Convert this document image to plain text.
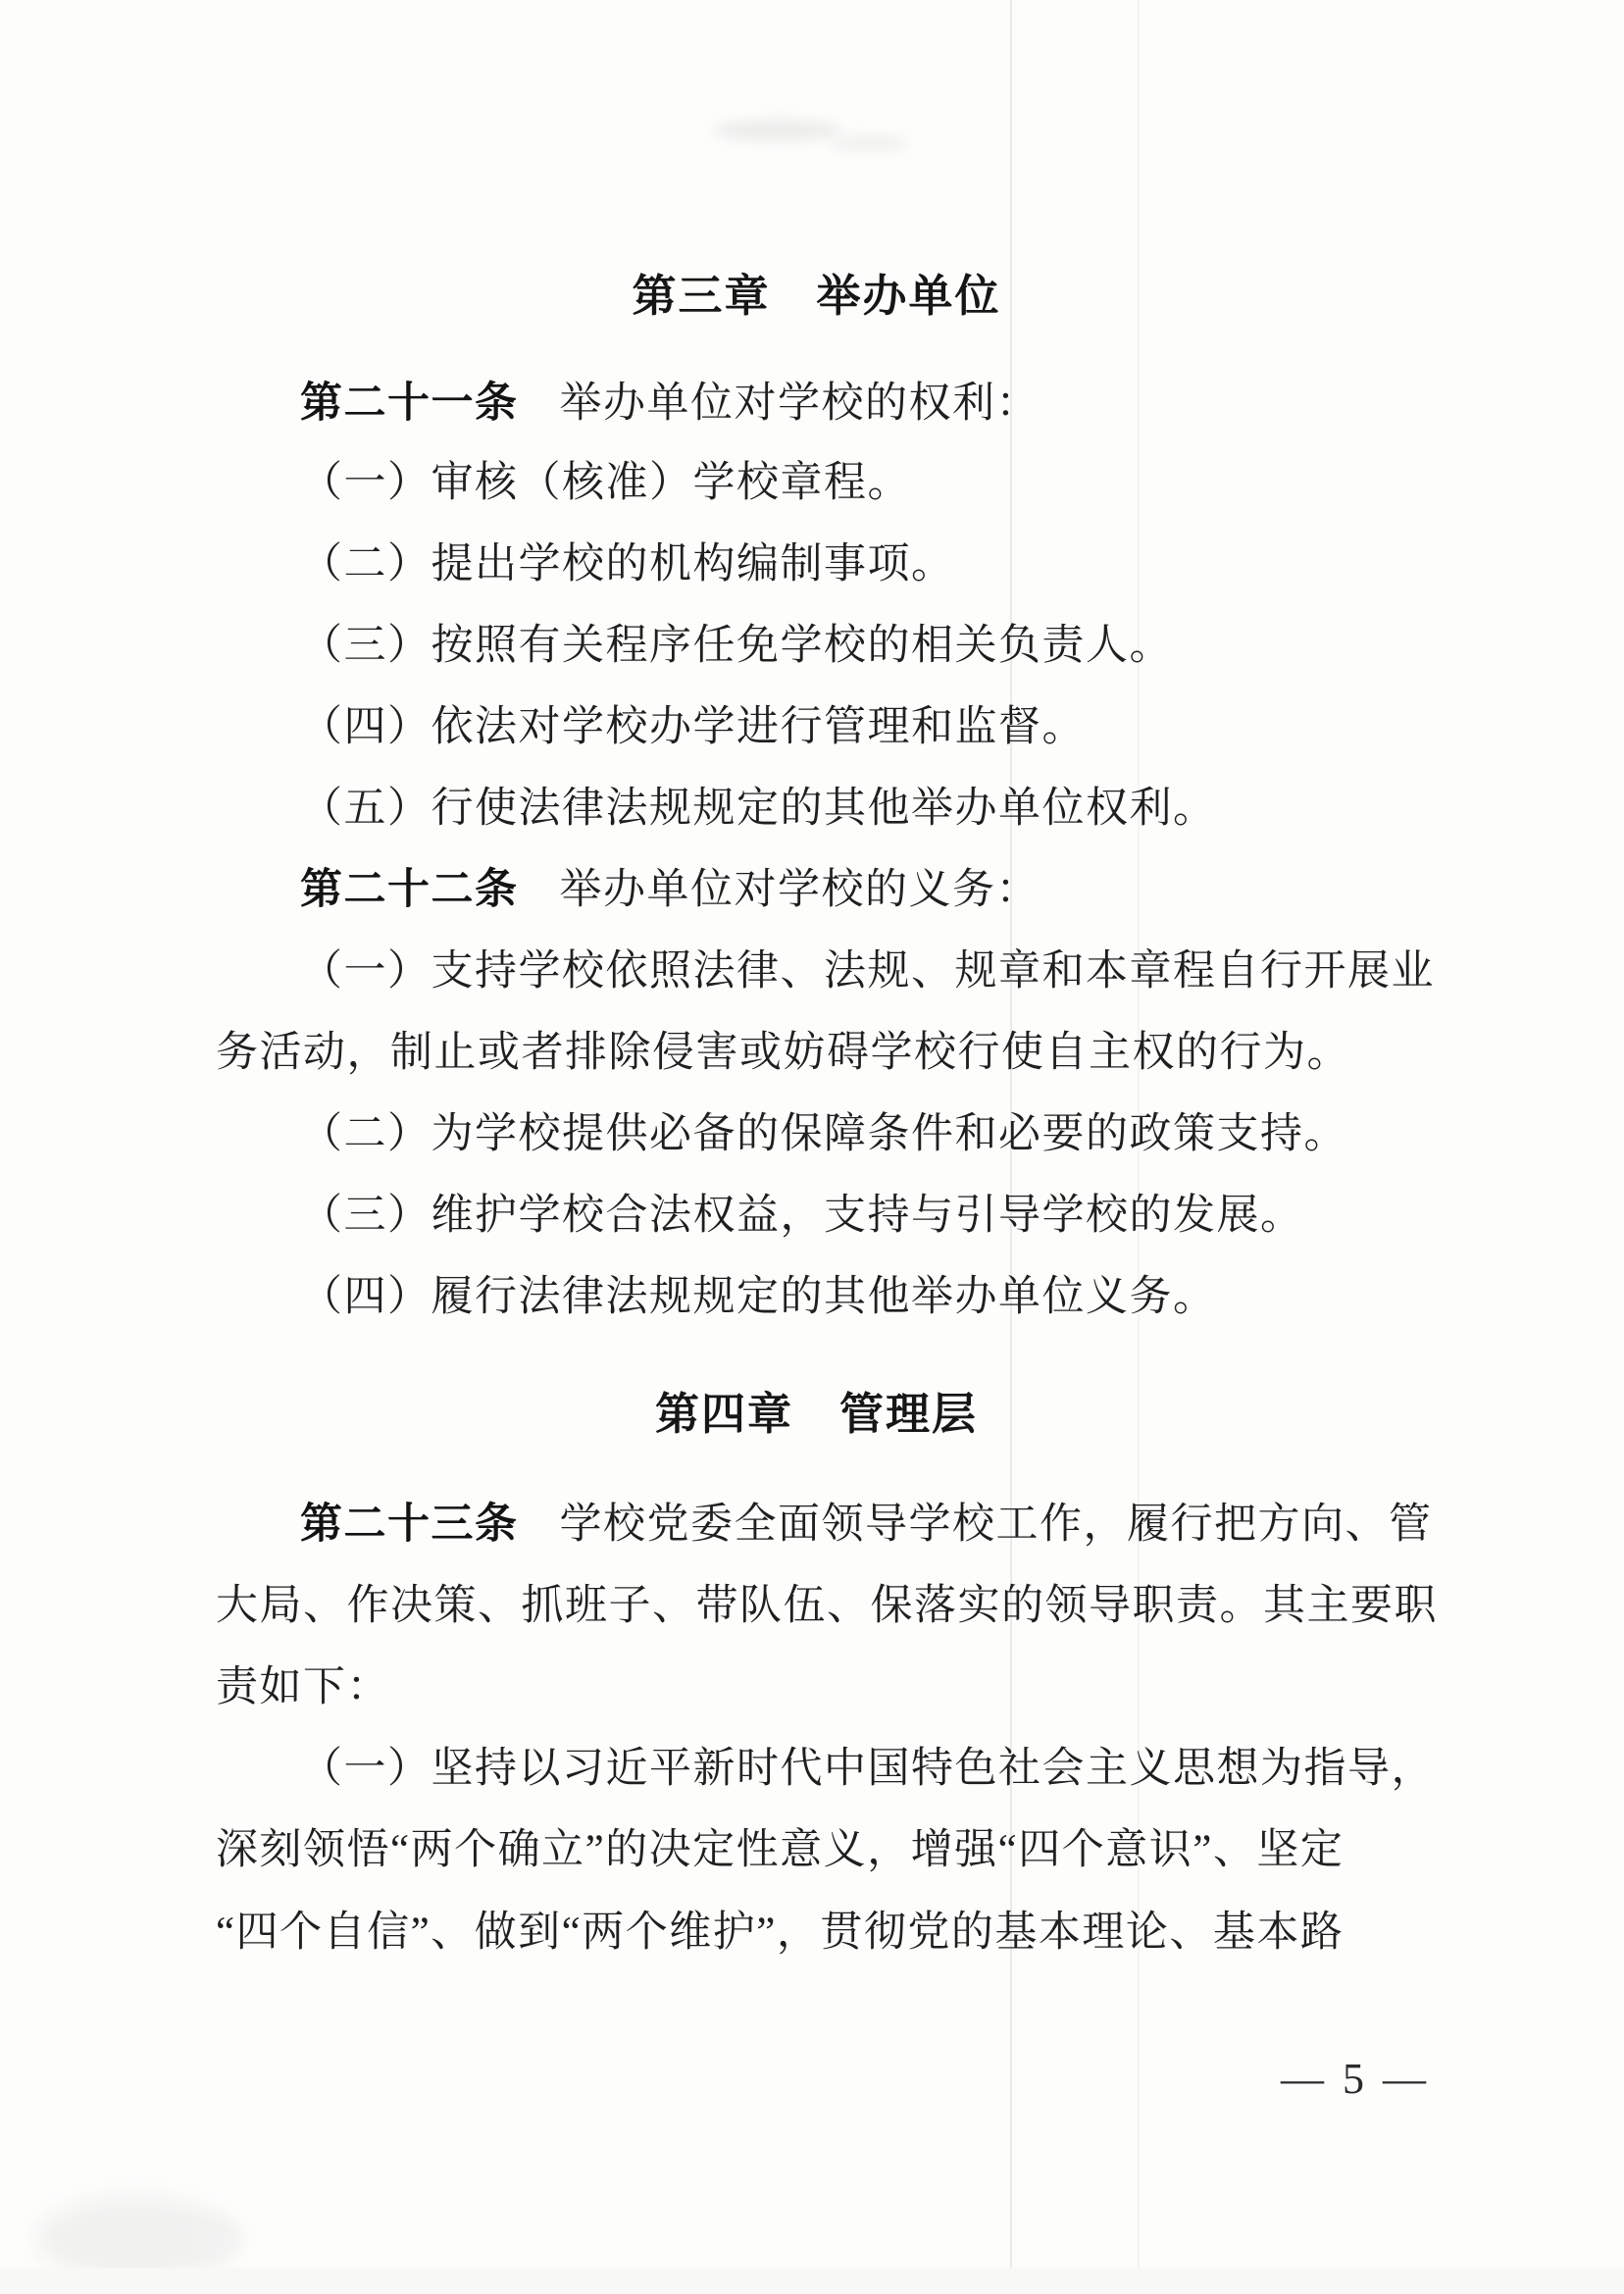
第三章　举办单位
第二十一条 举办单位对学校的权利：
（一）审核（核准）学校章程。
（二）提出学校的机构编制事项。
（三）按照有关程序任免学校的相关负责人。
（四）依法对学校办学进行管理和监督。
（五）行使法律法规规定的其他举办单位权利。
第二十二条 举办单位对学校的义务：
（一）支持学校依照法律、法规、规章和本章程自行开展业
务活动，制止或者排除侵害或妨碍学校行使自主权的行为。
（二）为学校提供必备的保障条件和必要的政策支持。
（三）维护学校合法权益，支持与引导学校的发展。
（四）履行法律法规规定的其他举办单位义务。
第四章　管理层
第二十三条 学校党委全面领导学校工作，履行把方向、管
大局、作决策、抓班子、带队伍、保落实的领导职责。其主要职
责如下：
（一）坚持以习近平新时代中国特色社会主义思想为指导，
深刻领悟“两个确立”的决定性意义，增强“四个意识”、坚定
“四个自信”、做到“两个维护”，贯彻党的基本理论、基本路
— 5 —
